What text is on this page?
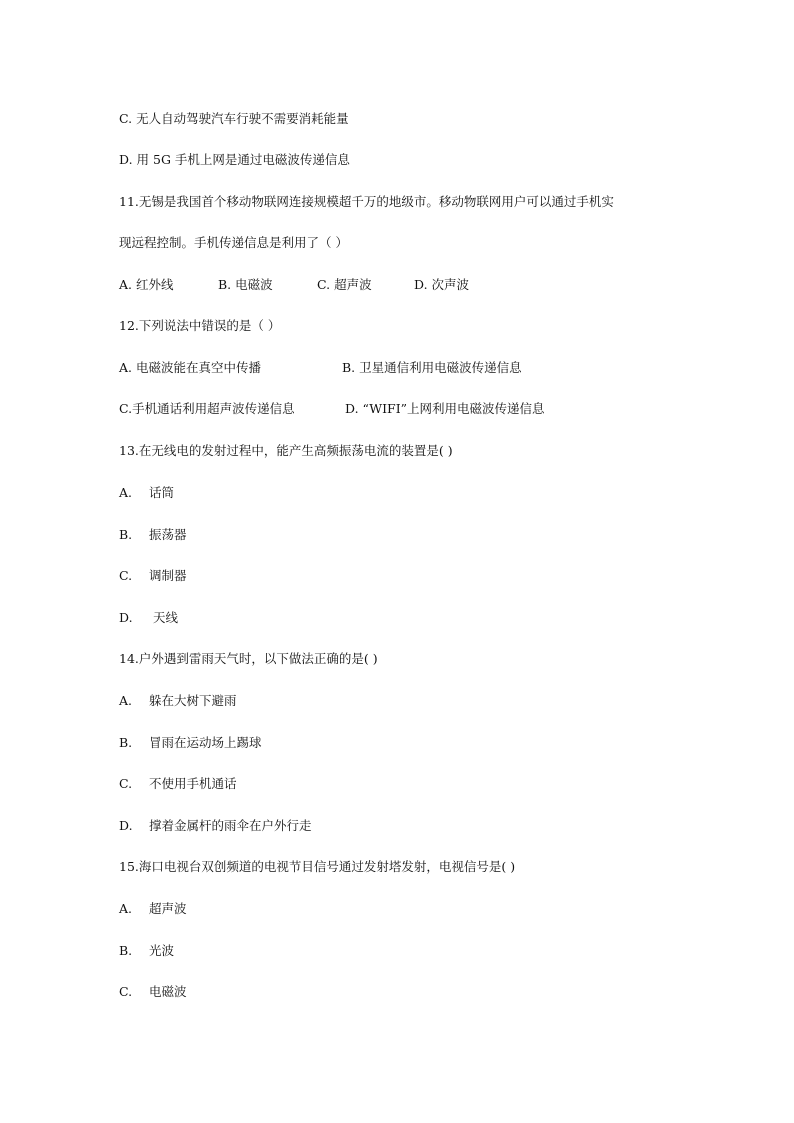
C. 无人自动驾驶汽车行驶不需要消耗能量
D. 用 5G 手机上网是通过电磁波传递信息
11.无锡是我国首个移动物联网连接规模超千万的地级市。移动物联网用户可以通过手机实
现远程控制。手机传递信息是利用了（ ）
A. 红外线	B. 电磁波	C. 超声波	D. 次声波
12.下列说法中错误的是（ ）
A. 电磁波能在真空中传播	B. 卫星通信利用电磁波传递信息
C.手机通话利用超声波传递信息	D. “WIFI”上网利用电磁波传递信息
13.在无线电的发射过程中，能产生高频振荡电流的装置是( )
A. 话筒
B. 振荡器
C. 调制器
D. 天线
14.户外遇到雷雨天气时，以下做法正确的是( )
A. 躲在大树下避雨
B. 冒雨在运动场上踢球
C. 不使用手机通话
D. 撑着金属杆的雨伞在户外行走
15.海口电视台双创频道的电视节目信号通过发射塔发射，电视信号是( )
A. 超声波
B. 光波
C. 电磁波
